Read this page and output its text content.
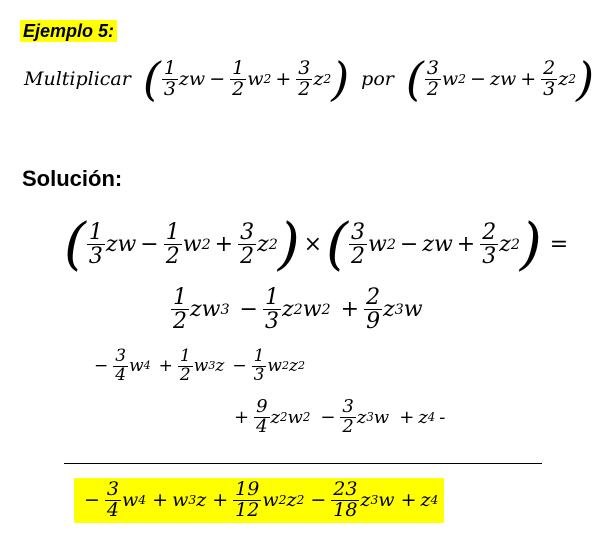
Ejemplo 5:
Multiplicar ( $\frac{1}{3}$ zw − $\frac{1}{2}$ w $2 + \frac{3}{2}$ z 2 ) por ( $\frac{3}{2}$ w 2 − zw + $\frac{2}{3}$ z 2 )
Solución:
( $\frac{1}{3}$ zw − $\frac{1}{2}$ w $2 + \frac{3}{2}$ z 2 ) × ( $\frac{3}{2}$ w 2 − zw + $\frac{2}{3}$ z 2 ) =
$\frac{1}{2}$ z w $3 - \frac{1}{3}$ z 2 w $2 + \frac{2}{9}$ z 3 w
− $\frac{3}{4}$ w $4 + \frac{1}{2}$ w 3 $z - \frac{1}{3}$ w 2 z 2
+ $\frac{9}{4}$ z 2 w $2 - \frac{3}{2}$ z 3 w + z 4 -
− $\frac{3}{4}$ w 4 + w 3 $z + \frac{19}{12}$ w 2 z $2 - \frac{23}{18}$ z 3 w + z 4
